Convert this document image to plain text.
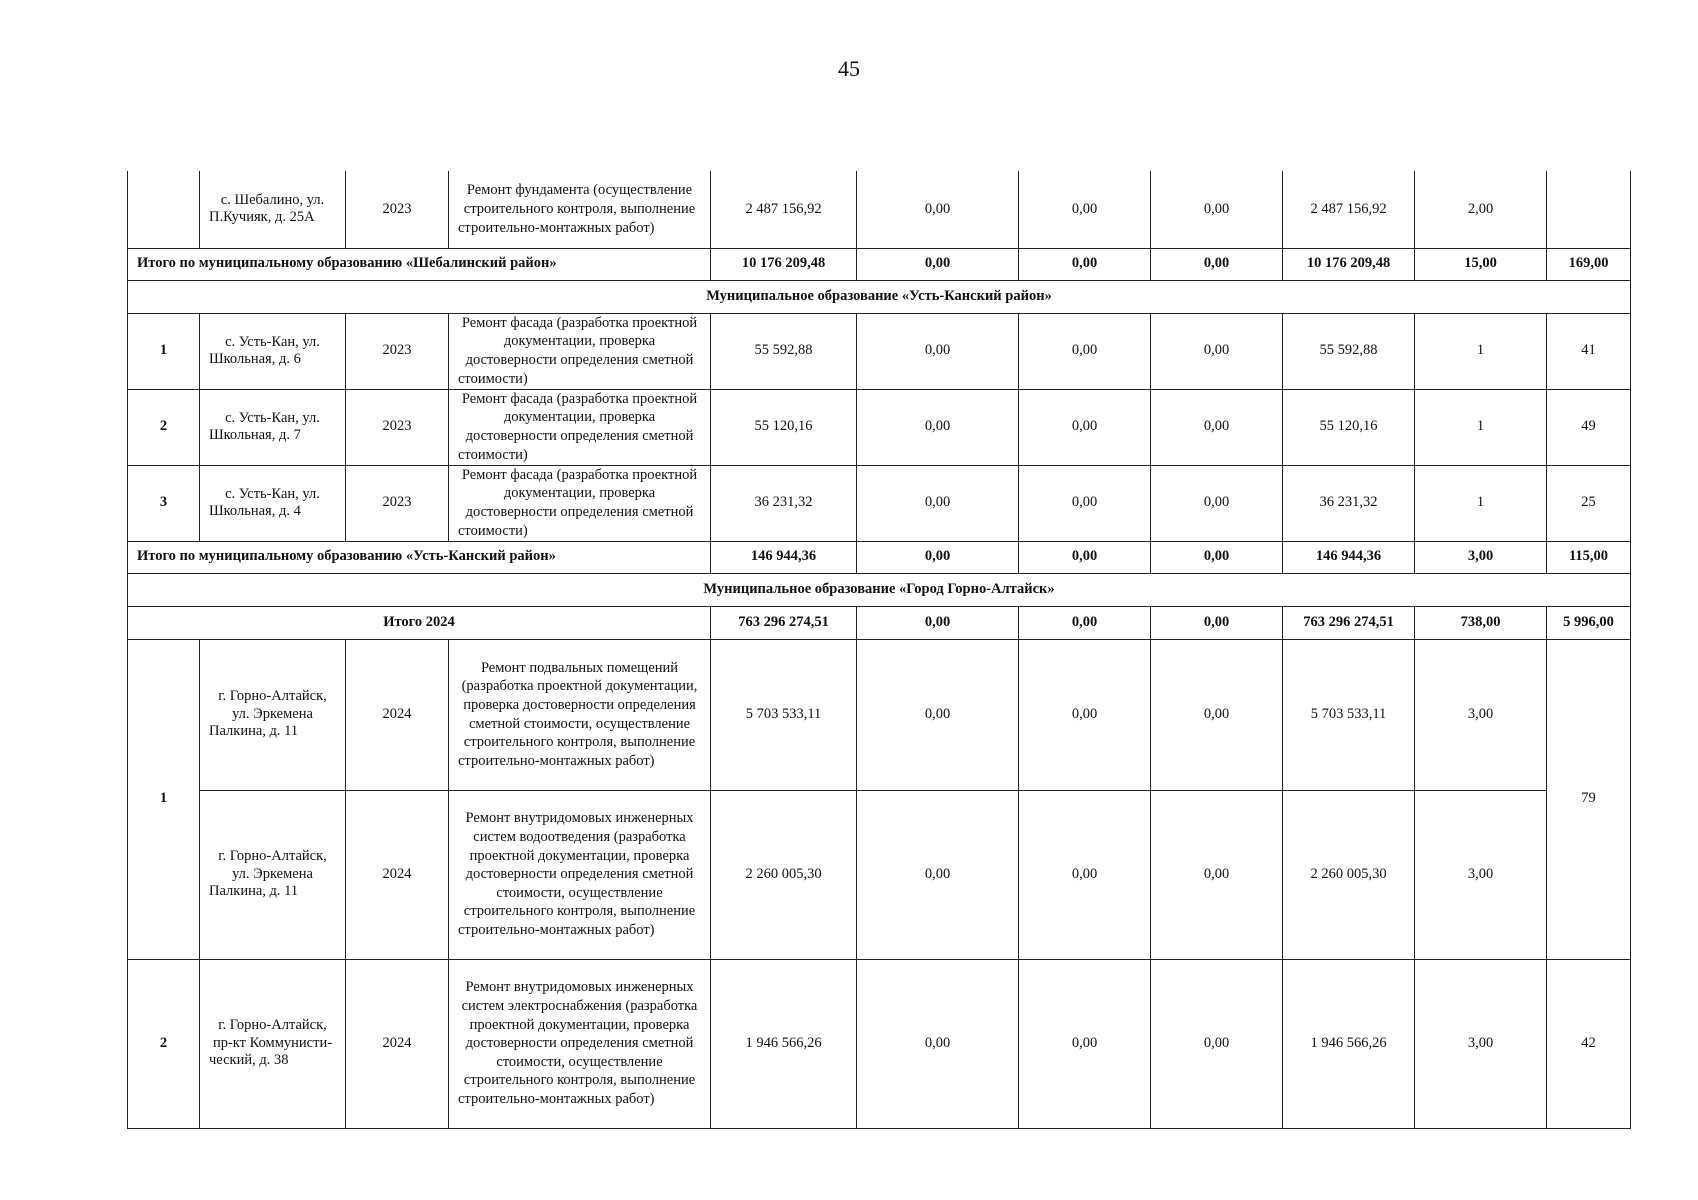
45
	с. Шебалино, ул. П.Кучияк, д. 25А	2023	Ремонт фундамента (осуществление строительного контроля, выполнение строительно-монтажных работ)	2 487 156,92	0,00	0,00	0,00	2 487 156,92	2,00	
Итого по муниципальному образованию «Шебалинский район»				10 176 209,48	0,00	0,00	0,00	10 176 209,48	15,00	169,00
Муниципальное образование «Усть-Канский район»										
1	с. Усть-Кан, ул. Школьная, д. 6	2023	Ремонт фасада (разработка проектной документации, проверка достоверности определения сметной стоимости)	55 592,88	0,00	0,00	0,00	55 592,88	1	41
2	с. Усть-Кан, ул. Школьная, д. 7	2023	Ремонт фасада (разработка проектной документации, проверка достоверности определения сметной стоимости)	55 120,16	0,00	0,00	0,00	55 120,16	1	49
3	с. Усть-Кан, ул. Школьная, д. 4	2023	Ремонт фасада (разработка проектной документации, проверка достоверности определения сметной стоимости)	36 231,32	0,00	0,00	0,00	36 231,32	1	25
Итого по муниципальному образованию «Усть-Канский район»				146 944,36	0,00	0,00	0,00	146 944,36	3,00	115,00
Муниципальное образование «Город Горно-Алтайск»										
Итого 2024				763 296 274,51	0,00	0,00	0,00	763 296 274,51	738,00	5 996,00
1	г. Горно-Алтайск, ул. Эркемена Палкина, д. 11	2024	Ремонт подвальных помещений (разработка проектной документации, проверка достоверности определения сметной стоимости, осуществление строительного контроля, выполнение строительно-монтажных работ)	5 703 533,11	0,00	0,00	0,00	5 703 533,11	3,00	79
	г. Горно-Алтайск, ул. Эркемена Палкина, д. 11	2024	Ремонт внутридомовых инженерных систем водоотведения (разработка проектной документации, проверка достоверности определения сметной стоимости, осуществление строительного контроля, выполнение строительно-монтажных работ)	2 260 005,30	0,00	0,00	0,00	2 260 005,30	3,00	
2	г. Горно-Алтайск, пр-кт Коммунисти-ческий, д. 38	2024	Ремонт внутридомовых инженерных систем электроснабжения (разработка проектной документации, проверка достоверности определения сметной стоимости, осуществление строительного контроля, выполнение строительно-монтажных работ)	1 946 566,26	0,00	0,00	0,00	1 946 566,26	3,00	42
